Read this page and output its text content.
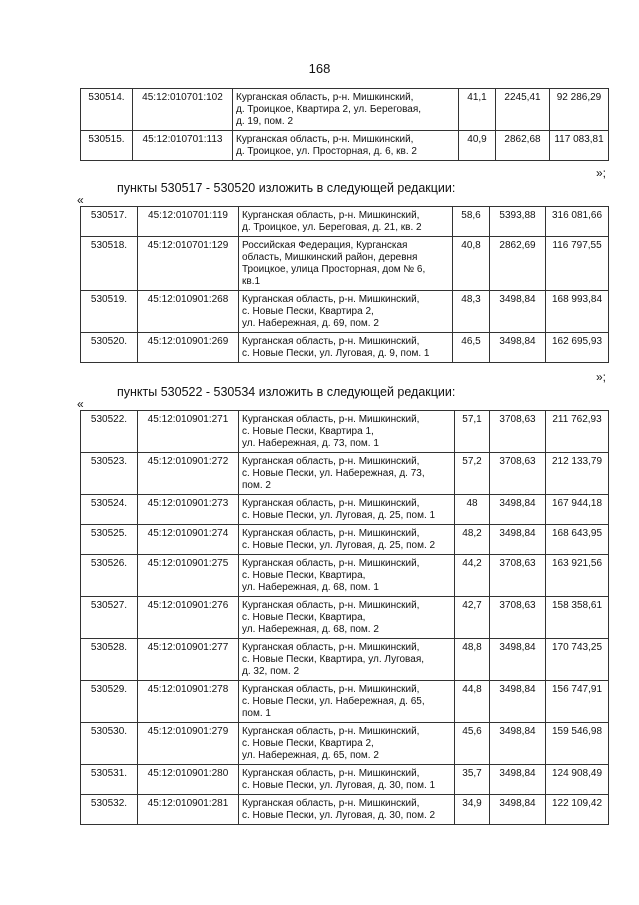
168
530514.	45:12:010701:102	Курганская область, р-н. Мишкинский,
д. Троицкое, Квартира 2, ул. Береговая,
д. 19, пом. 2	41,1	2245,41	92 286,29
530515.	45:12:010701:113	Курганская область, р-н. Мишкинский,
д. Троицкое, ул. Просторная, д. 6, кв. 2	40,9	2862,68	117 083,81
»;
пункты 530517 - 530520 изложить в следующей редакции:
«
530517.	45:12:010701:119	Курганская область, р-н. Мишкинский,
д. Троицкое, ул. Береговая, д. 21, кв. 2	58,6	5393,88	316 081,66
530518.	45:12:010701:129	Российская Федерация, Курганская
область, Мишкинский район, деревня
Троицкое, улица Просторная, дом № 6,
кв.1	40,8	2862,69	116 797,55
530519.	45:12:010901:268	Курганская область, р-н. Мишкинский,
с. Новые Пески, Квартира 2,
ул. Набережная, д. 69, пом. 2	48,3	3498,84	168 993,84
530520.	45:12:010901:269	Курганская область, р-н. Мишкинский,
с. Новые Пески, ул. Луговая, д. 9, пом. 1	46,5	3498,84	162 695,93
»;
пункты 530522 - 530534 изложить в следующей редакции:
«
530522.	45:12:010901:271	Курганская область, р-н. Мишкинский,
с. Новые Пески, Квартира 1,
ул. Набережная, д. 73, пом. 1	57,1	3708,63	211 762,93
530523.	45:12:010901:272	Курганская область, р-н. Мишкинский,
с. Новые Пески, ул. Набережная, д. 73,
пом. 2	57,2	3708,63	212 133,79
530524.	45:12:010901:273	Курганская область, р-н. Мишкинский,
с. Новые Пески, ул. Луговая, д. 25, пом. 1	48	3498,84	167 944,18
530525.	45:12:010901:274	Курганская область, р-н. Мишкинский,
с. Новые Пески, ул. Луговая, д. 25, пом. 2	48,2	3498,84	168 643,95
530526.	45:12:010901:275	Курганская область, р-н. Мишкинский,
с. Новые Пески, Квартира,
ул. Набережная, д. 68, пом. 1	44,2	3708,63	163 921,56
530527.	45:12:010901:276	Курганская область, р-н. Мишкинский,
с. Новые Пески, Квартира,
ул. Набережная, д. 68, пом. 2	42,7	3708,63	158 358,61
530528.	45:12:010901:277	Курганская область, р-н. Мишкинский,
с. Новые Пески, Квартира, ул. Луговая,
д. 32, пом. 2	48,8	3498,84	170 743,25
530529.	45:12:010901:278	Курганская область, р-н. Мишкинский,
с. Новые Пески, ул. Набережная, д. 65,
пом. 1	44,8	3498,84	156 747,91
530530.	45:12:010901:279	Курганская область, р-н. Мишкинский,
с. Новые Пески, Квартира 2,
ул. Набережная, д. 65, пом. 2	45,6	3498,84	159 546,98
530531.	45:12:010901:280	Курганская область, р-н. Мишкинский,
с. Новые Пески, ул. Луговая, д. 30, пом. 1	35,7	3498,84	124 908,49
530532.	45:12:010901:281	Курганская область, р-н. Мишкинский,
с. Новые Пески, ул. Луговая, д. 30, пом. 2	34,9	3498,84	122 109,42
